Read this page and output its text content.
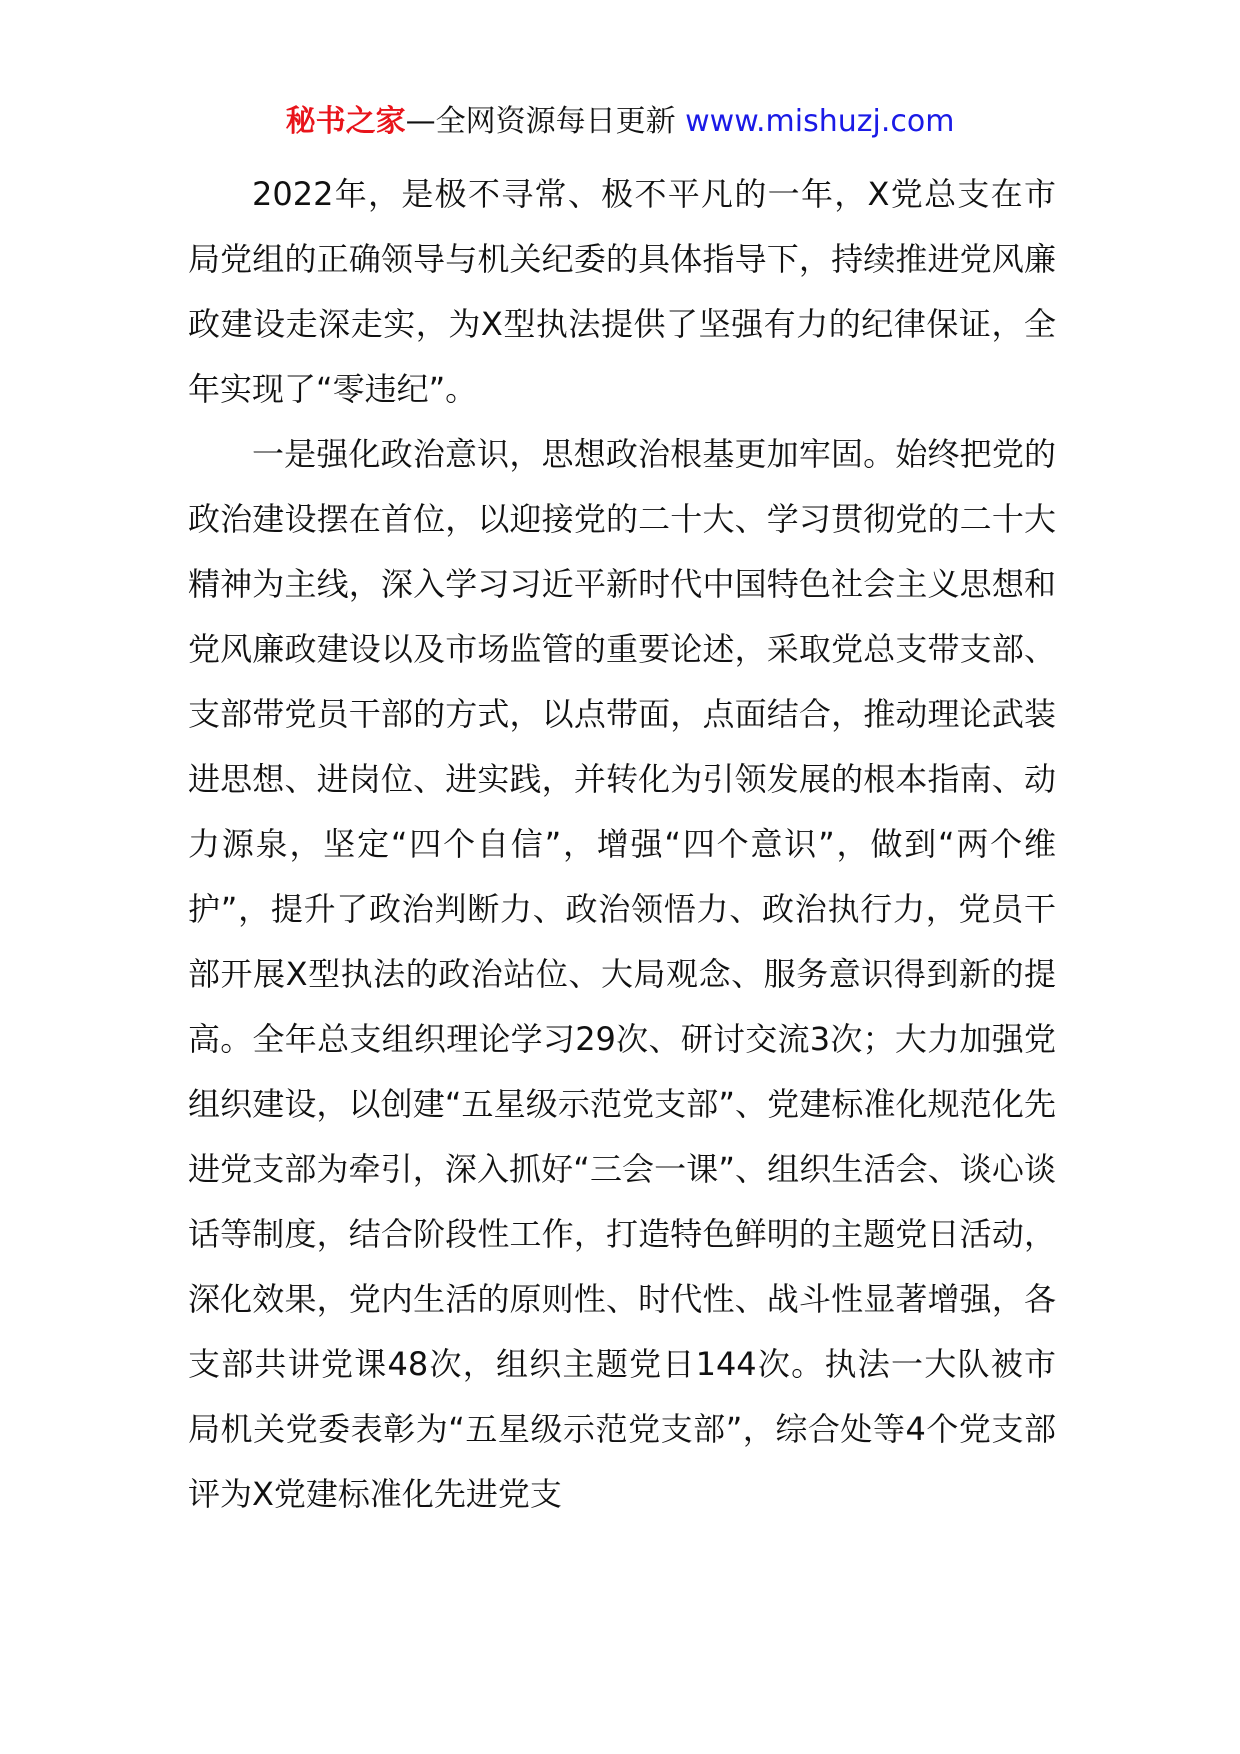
秘书之家—全网资源每日更新 www.mishuzj.com

2022年，是极不寻常、极不平凡的一年，X党总支在市局党组的正确领导与机关纪委的具体指导下，持续推进党风廉政建设走深走实，为X型执法提供了坚强有力的纪律保证，全年实现了“零违纪”。

一是强化政治意识，思想政治根基更加牢固。始终把党的政治建设摆在首位，以迎接党的二十大、学习贯彻党的二十大精神为主线，深入学习习近平新时代中国特色社会主义思想和党风廉政建设以及市场监管的重要论述，采取党总支带支部、支部带党员干部的方式，以点带面，点面结合，推动理论武装进思想、进岗位、进实践，并转化为引领发展的根本指南、动力源泉，坚定“四个自信”，增强“四个意识”，做到“两个维护”，提升了政治判断力、政治领悟力、政治执行力，党员干部开展X型执法的政治站位、大局观念、服务意识得到新的提高。全年总支组织理论学习29次、研讨交流3次；大力加强党组织建设，以创建“五星级示范党支部”、党建标准化规范化先进党支部为牵引，深入抓好“三会一课”、组织生活会、谈心谈话等制度，结合阶段性工作，打造特色鲜明的主题党日活动，深化效果，党内生活的原则性、时代性、战斗性显著增强，各支部共讲党课48次，组织主题党日144次。执法一大队被市局机关党委表彰为“五星级示范党支部”，综合处等4个党支部评为X党建标准化先进党支
